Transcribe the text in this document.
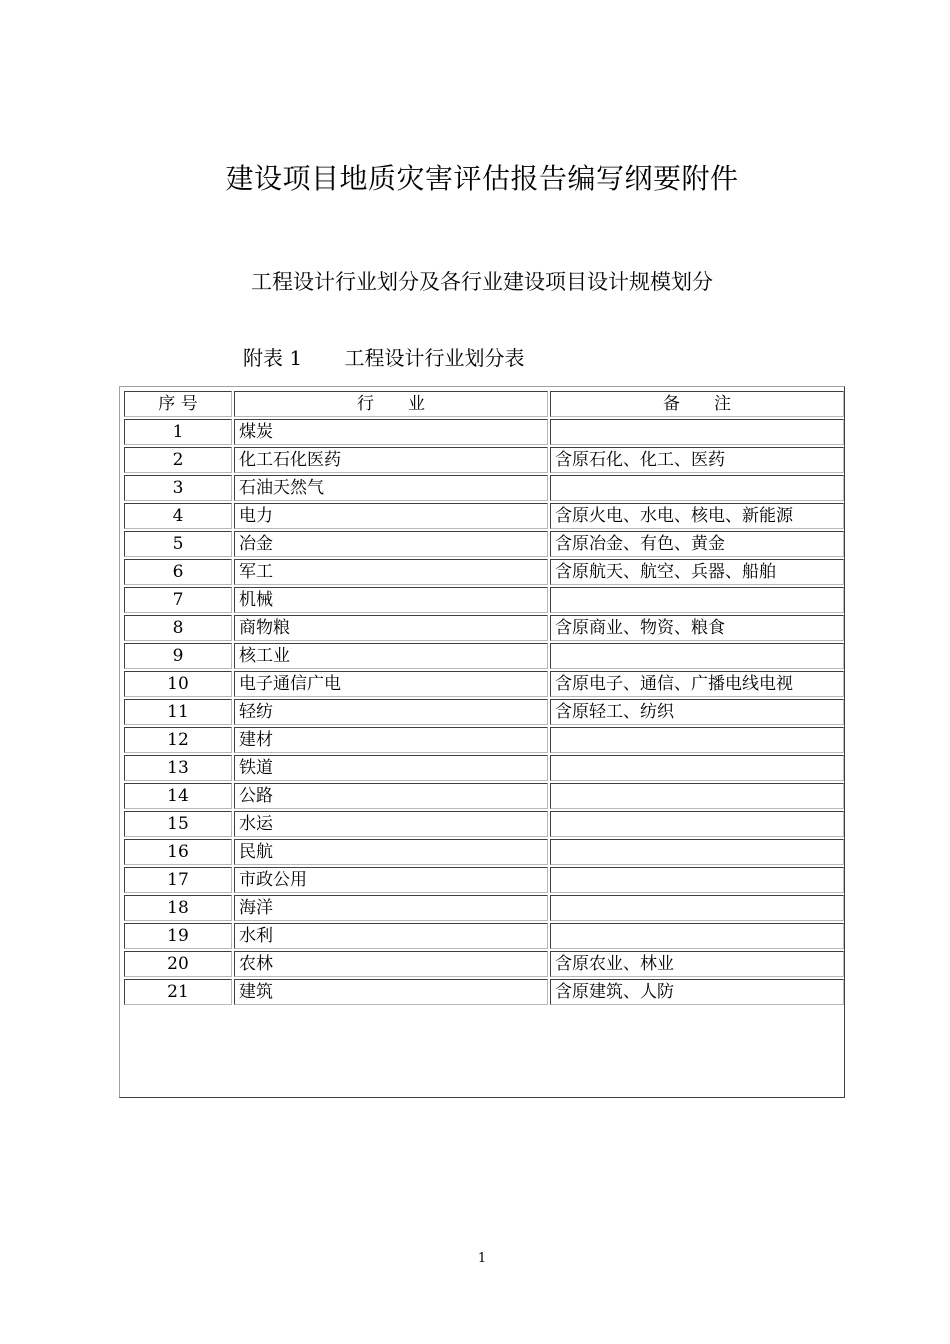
建设项目地质灾害评估报告编写纲要附件
工程设计行业划分及各行业建设项目设计规模划分
附表 1 工程设计行业划分表
序 号	行　　业	备　　注
1	煤炭	
2	化工石化医药	含原石化、化工、医药
3	石油天然气	
4	电力	含原火电、水电、核电、新能源
5	冶金	含原冶金、有色、黄金
6	军工	含原航天、航空、兵器、船舶
7	机械	
8	商物粮	含原商业、物资、粮食
9	核工业	
10	电子通信广电	含原电子、通信、广播电线电视
11	轻纺	含原轻工、纺织
12	建材	
13	铁道	
14	公路	
15	水运	
16	民航	
17	市政公用	
18	海洋	
19	水利	
20	农林	含原农业、林业
21	建筑	含原建筑、人防
1
